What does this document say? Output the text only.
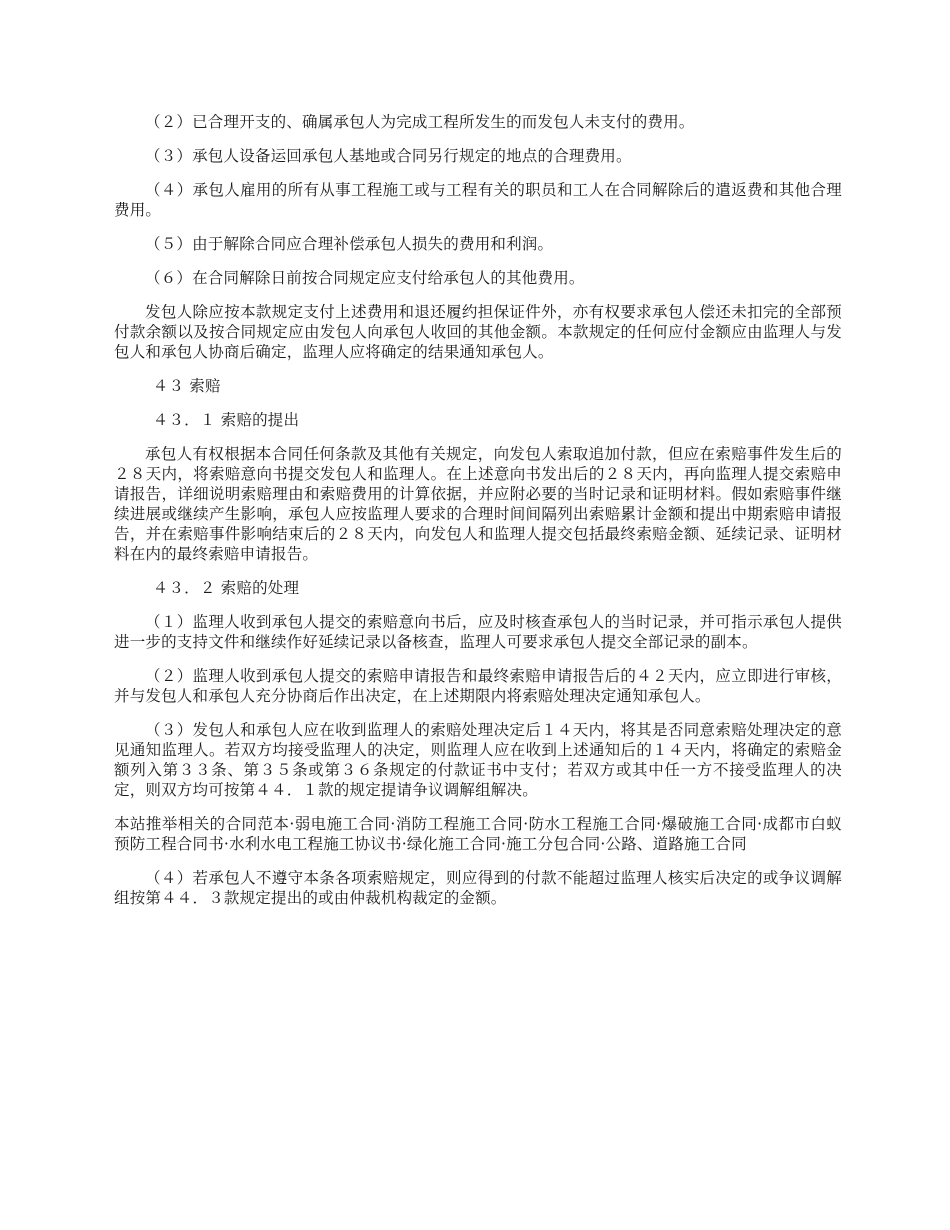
（２）已合理开支的、确属承包人为完成工程所发生的而发包人未支付的费用。

（３）承包人设备运回承包人基地或合同另行规定的地点的合理费用。

（４）承包人雇用的所有从事工程施工或与工程有关的职员和工人在合同解除后的遣返费和其他合理费用。

（５）由于解除合同应合理补偿承包人损失的费用和利润。

（６）在合同解除日前按合同规定应支付给承包人的其他费用。

发包人除应按本款规定支付上述费用和退还履约担保证件外，亦有权要求承包人偿还未扣完的全部预付款余额以及按合同规定应由发包人向承包人收回的其他金额。本款规定的任何应付金额应由监理人与发包人和承包人协商后确定，监理人应将确定的结果通知承包人。

４３ 索赔

４３．１ 索赔的提出

承包人有权根据本合同任何条款及其他有关规定，向发包人索取追加付款，但应在索赔事件发生后的２８天内，将索赔意向书提交发包人和监理人。在上述意向书发出后的２８天内，再向监理人提交索赔申请报告，详细说明索赔理由和索赔费用的计算依据，并应附必要的当时记录和证明材料。假如索赔事件继续进展或继续产生影响，承包人应按监理人要求的合理时间间隔列出索赔累计金额和提出中期索赔申请报告，并在索赔事件影响结束后的２８天内，向发包人和监理人提交包括最终索赔金额、延续记录、证明材料在内的最终索赔申请报告。

４３．２ 索赔的处理

（１）监理人收到承包人提交的索赔意向书后，应及时核查承包人的当时记录，并可指示承包人提供进一步的支持文件和继续作好延续记录以备核查，监理人可要求承包人提交全部记录的副本。

（２）监理人收到承包人提交的索赔申请报告和最终索赔申请报告后的４２天内，应立即进行审核，并与发包人和承包人充分协商后作出决定，在上述期限内将索赔处理决定通知承包人。

（３）发包人和承包人应在收到监理人的索赔处理决定后１４天内，将其是否同意索赔处理决定的意见通知监理人。若双方均接受监理人的决定，则监理人应在收到上述通知后的１４天内，将确定的索赔金额列入第３３条、第３５条或第３６条规定的付款证书中支付；若双方或其中任一方不接受监理人的决定，则双方均可按第４４．１款的规定提请争议调解组解决。

本站推举相关的合同范本·弱电施工合同·消防工程施工合同·防水工程施工合同·爆破施工合同·成都市白蚁预防工程合同书·水利水电工程施工协议书·绿化施工合同·施工分包合同·公路、道路施工合同

（４）若承包人不遵守本条各项索赔规定，则应得到的付款不能超过监理人核实后决定的或争议调解组按第４４．３款规定提出的或由仲裁机构裁定的金额。
